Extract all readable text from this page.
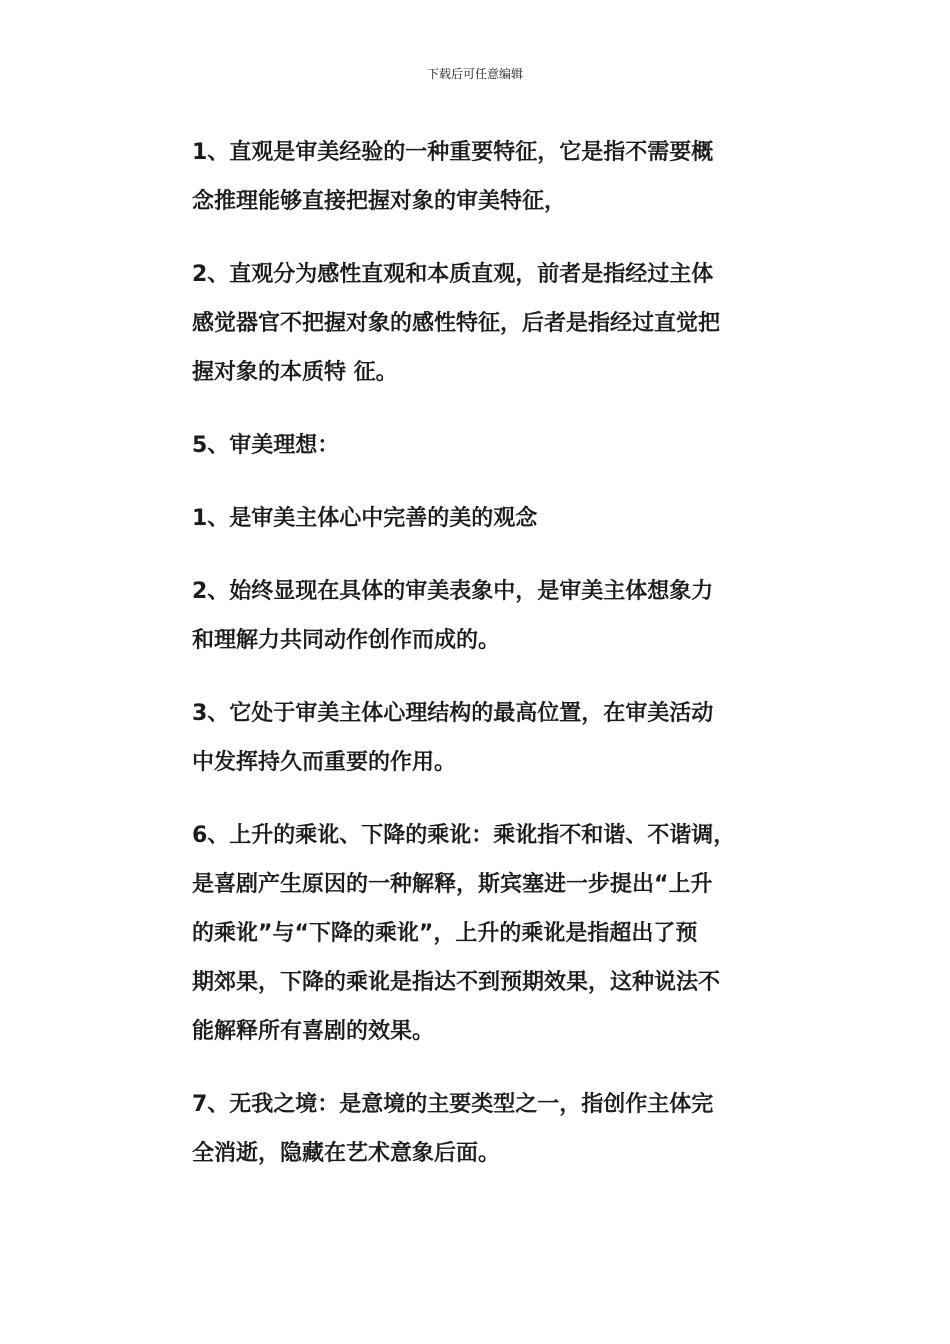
下载后可任意编辑

1、直观是审美经验的一种重要特征，它是指不需要概
念推理能够直接把握对象的审美特征，

2、直观分为感性直观和本质直观，前者是指经过主体
感觉器官不把握对象的感性特征，后者是指经过直觉把
握对象的本质特 征。

5、审美理想：

1、是审美主体心中完善的美的观念

2、始终显现在具体的审美表象中，是审美主体想象力
和理解力共同动作创作而成的。

3、它处于审美主体心理结构的最高位置，在审美活动
中发挥持久而重要的作用。

6、上升的乘讹、下降的乘讹：乘讹指不和谐、不谐调，
是喜剧产生原因的一种解释，斯宾塞进一步提出“上升
的乘讹”与“下降的乘讹”，上升的乘讹是指超出了预
期郊果，下降的乘讹是指达不到预期效果，这种说法不
能解释所有喜剧的效果。

7、无我之境：是意境的主要类型之一，指创作主体完
全消逝，隐藏在艺术意象后面。
